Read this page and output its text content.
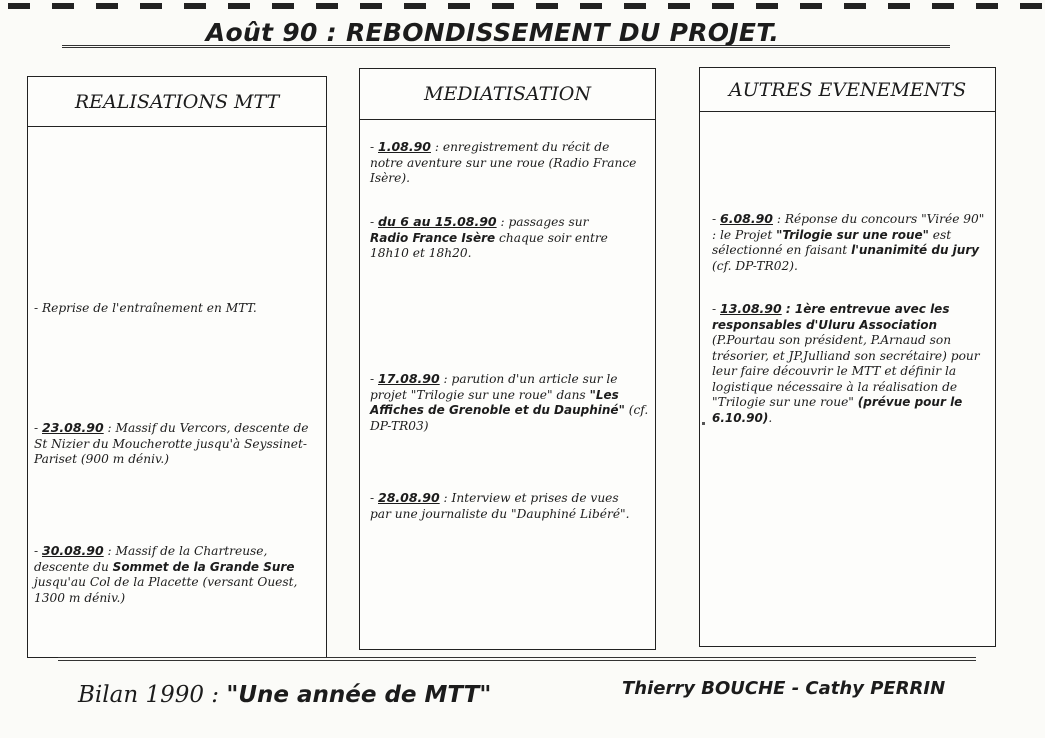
Août 90 : REBONDISSEMENT DU PROJET.
REALISATIONS MTT
- Reprise de l'entraînement en MTT.
- 23.08.90 : Massif du Vercors, descente de St Nizier du Moucherotte jusqu'à Seyssinet-Pariset (900 m déniv.)
- 30.08.90 : Massif de la Chartreuse, descente du Sommet de la Grande Sure jusqu'au Col de la Placette (versant Ouest, 1300 m déniv.)
MEDIATISATION
- 1.08.90 : enregistrement du récit de notre aventure sur une roue (Radio France Isère).
- du 6 au 15.08.90 : passages sur Radio France Isère chaque soir entre 18h10 et 18h20.
- 17.08.90 : parution d'un article sur le projet "Trilogie sur une roue" dans "Les Affiches de Grenoble et du Dauphiné" (cf. DP-TR03)
- 28.08.90 : Interview et prises de vues par une journaliste du "Dauphiné Libéré".
AUTRES EVENEMENTS
- 6.08.90 : Réponse du concours "Virée 90" : le Projet "Trilogie sur une roue" est sélectionné en faisant l'unanimité du jury (cf. DP-TR02).
- 13.08.90 : 1ère entrevue avec les responsables d'Uluru Association (P.Pourtau son président, P.Arnaud son trésorier, et JP.Julliand son secrétaire) pour leur faire découvrir le MTT et définir la logistique nécessaire à la réalisation de "Trilogie sur une roue" (prévue pour le 6.10.90).
Bilan 1990 : "Une année de MTT"	Thierry BOUCHE - Cathy PERRIN
